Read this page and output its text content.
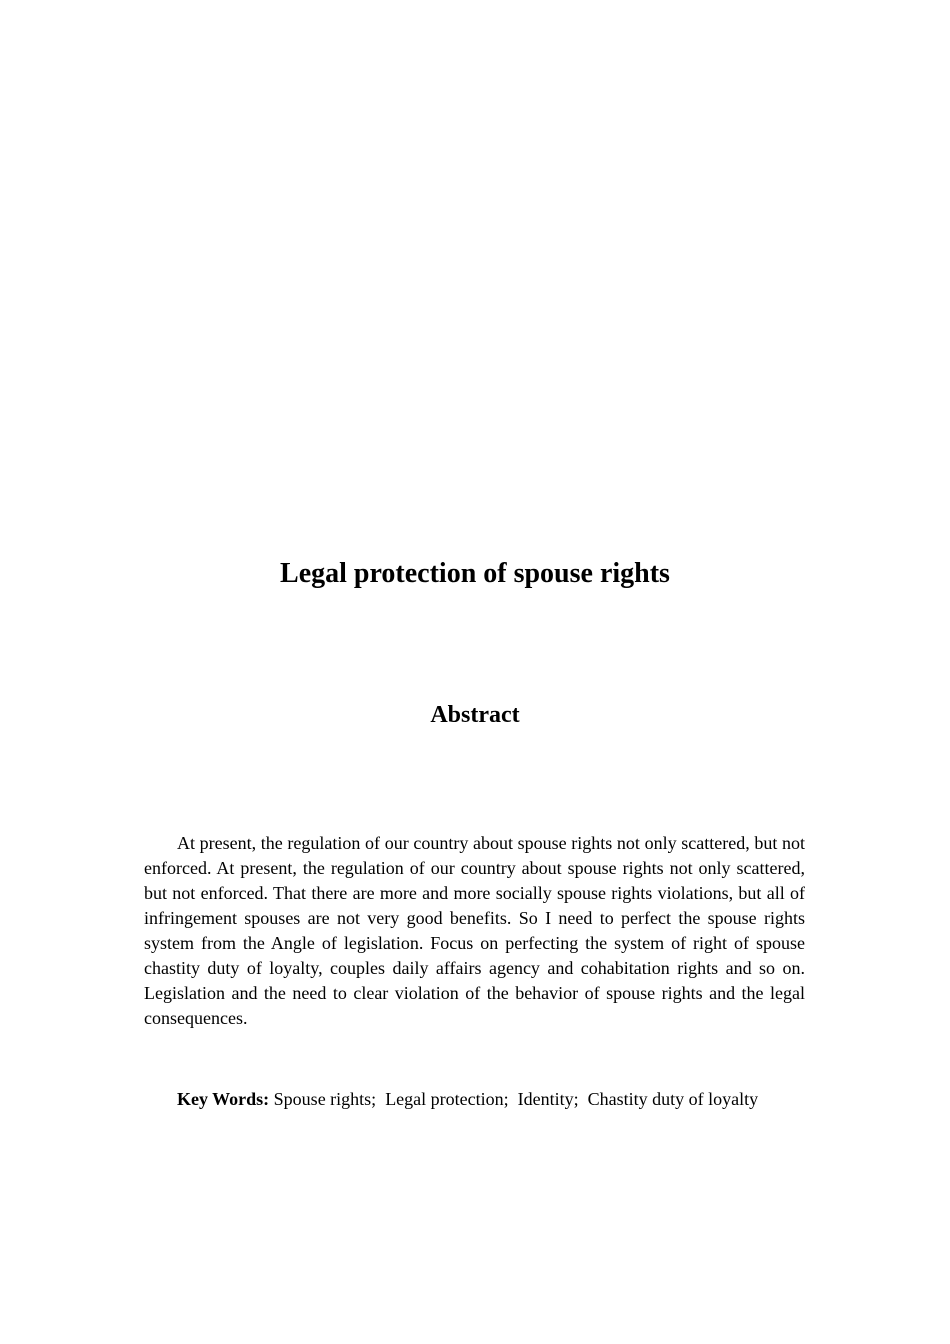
Legal protection of spouse rights
Abstract

At present, the regulation of our country about spouse rights not only scattered, but not enforced. At present, the regulation of our country about spouse rights not only scattered, but not enforced. That there are more and more socially spouse rights violations, but all of infringement spouses are not very good benefits. So I need to perfect the spouse rights system from the Angle of legislation. Focus on perfecting the system of right of spouse chastity duty of loyalty, couples daily affairs agency and cohabitation rights and so on. Legislation and the need to clear violation of the behavior of spouse rights and the legal consequences.

Key Words: Spouse rights; Legal protection; Identity; Chastity duty of loyalty
